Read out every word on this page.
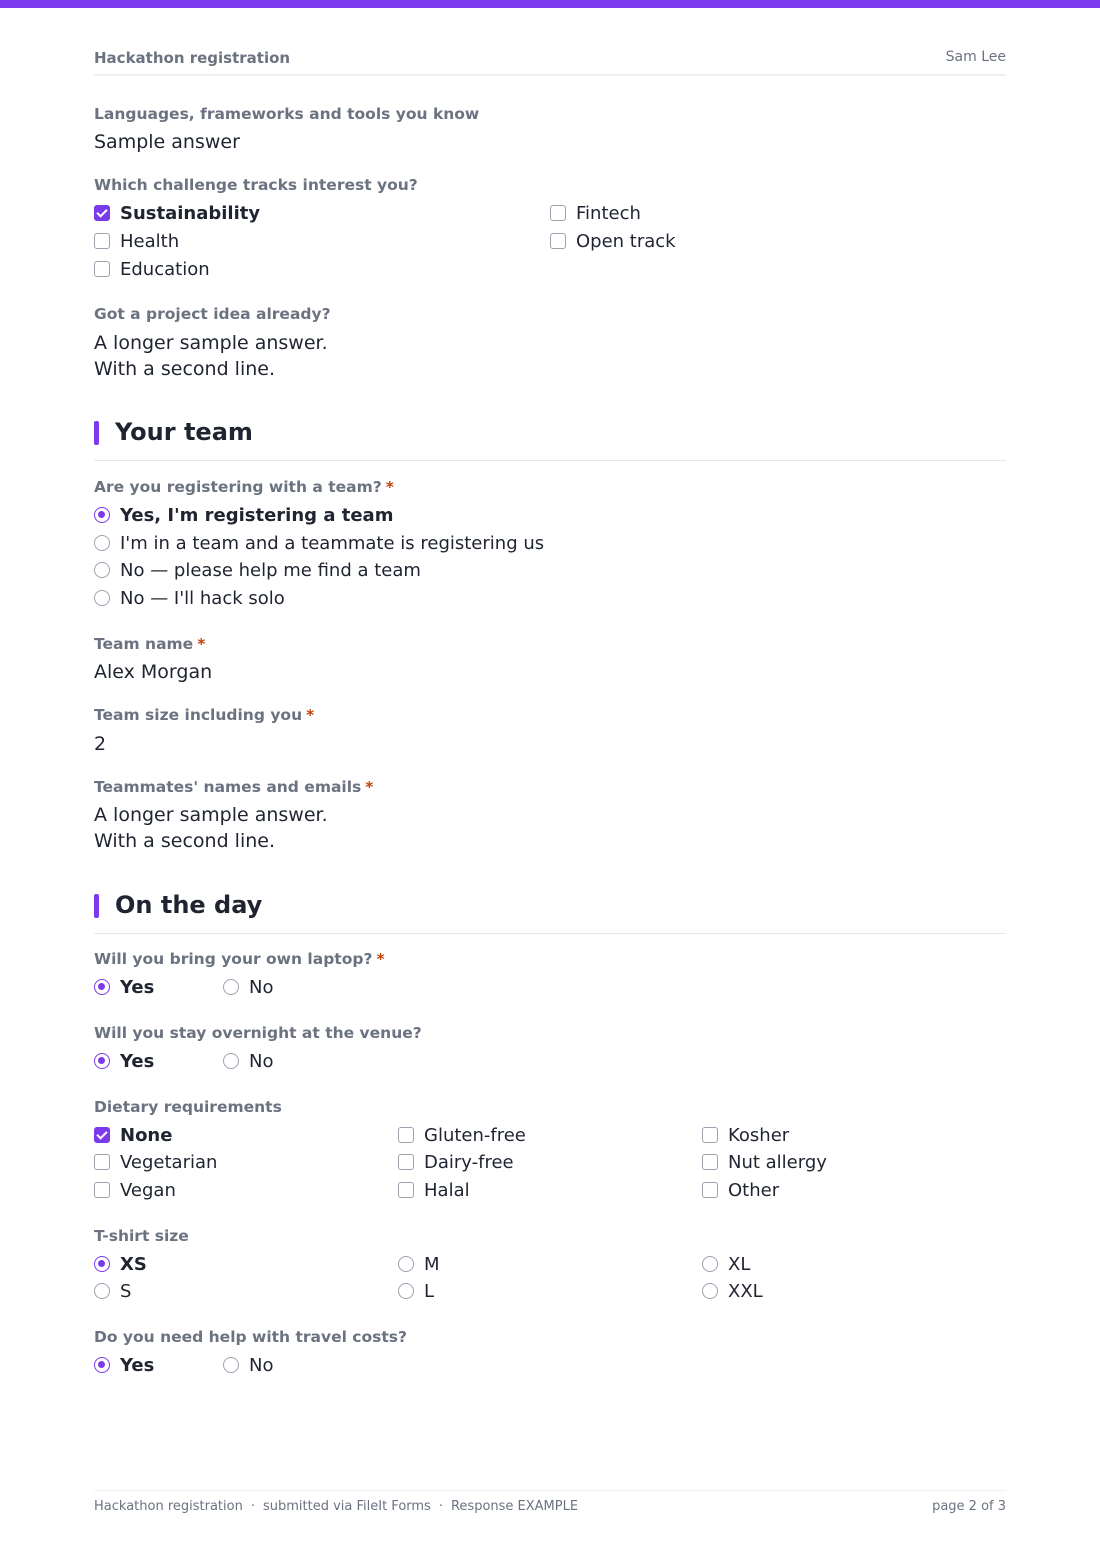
Hackathon registration	Sam Lee
Languages, frameworks and tools you know
Sample answer
Which challenge tracks interest you?
Sustainability
Health
Education
Fintech
Open track
Got a project idea already?
A longer sample answer.
With a second line.
Your team
Are you registering with a team? *
Yes, I'm registering a team
I'm in a team and a teammate is registering us
No — please help me find a team
No — I'll hack solo
Team name *
Alex Morgan
Team size including you *
2
Teammates' names and emails *
A longer sample answer.
With a second line.
On the day
Will you bring your own laptop? *
Yes	No
Will you stay overnight at the venue?
Yes	No
Dietary requirements
None
Vegetarian
Vegan
Gluten-free
Dairy-free
Halal
Kosher
Nut allergy
Other
T-shirt size
XS
S
M
L
XL
XXL
Do you need help with travel costs?
Yes	No
Hackathon registration · submitted via FileIt Forms · Response EXAMPLE	page 2 of 3
